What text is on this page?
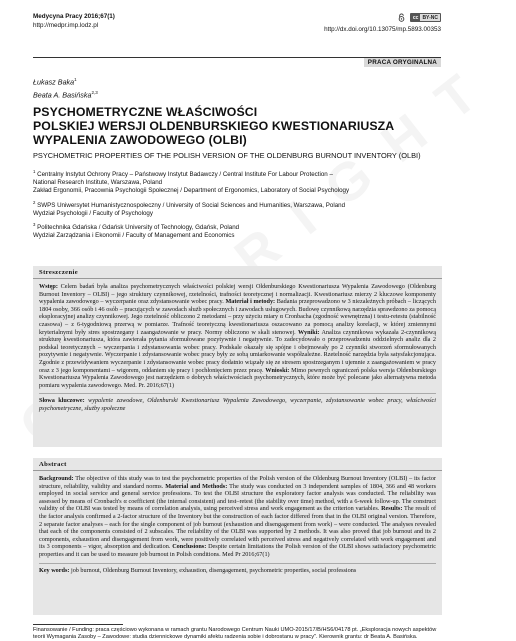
Medycyna Pracy 2016;67(1)
http://medpr.imp.lodz.pl
cc BY-NC
http://dx.doi.org/10.13075/mp.5893.00353
PRACA ORYGINALNA
Łukasz Baka$^1$
Beata A. Basińska$^{2,3}$
PSYCHOMETRYCZNE WŁAŚCIWOŚCI
POLSKIEJ WERSJI OLDENBURSKIEGO KWESTIONARIUSZA
WYPALENIA ZAWODOWEGO (OLBI)
PSYCHOMETRIC PROPERTIES OF THE POLISH VERSION OF THE OLDENBURG BURNOUT INVENTORY (OLBI)
$^1$ Centralny Instytut Ochrony Pracy – Państwowy Instytut Badawczy / Central Institute For Labour Protection –
National Research Institute, Warszawa, Poland
Zakład Ergonomii, Pracownia Psychologii Społecznej / Department of Ergonomics, Laboratory of Social Psychology
$^2$ SWPS Uniwersytet Humanistycznospołeczny / University of Social Sciences and Humanities, Warszawa, Poland
Wydział Psychologii / Faculty of Psychology
$^3$ Politechnika Gdańska / Gdańsk University of Technology, Gdańsk, Poland
Wydział Zarządzania i Ekonomii / Faculty of Management and Economics
Streszczenie

Wstęp: Celem badań była analiza psychometrycznych właściwości polskiej wersji Oldenburskiego Kwestionariusza Wypalenia Zawodowego (Oldenburg Burnout Inventory – OLBI) – jego struktury czynnikowej, rzetelności, trafności teoretycznej i normalizacji. Kwestionariusz mierzy 2 kluczowe komponenty wypalenia zawodowego – wyczerpanie oraz zdystansowanie wobec pracy. Materiał i metody: Badania przeprowadzono w 3 niezależnych próbach – liczących 1804 osoby, 366 osób i 46 osób – pracujących w zawodach służb społecznych i zawodach usługowych. Budowę czynnikową narzędzia sprawdzono za pomocą eksploracyjnej analizy czynnikowej. Jego rzetelność obliczono 2 metodami – przy użyciu miary α Cronbacha (zgodność wewnętrzna) i testu-retestu (stabilność czasowa) – z 6-tygodniową przerwą w pomiarze. Trafność teoretyczną kwestionariusza oszacowano za pomocą analizy korelacji, w której zmiennymi kryterialnymi były stres spostrzegany i zaangażowanie w pracy. Normy obliczono w skali stenowej. Wyniki: Analiza czynnikowa wykazała 2-czynnikową strukturę kwestionariusza, która zawierała pytania sformułowane pozytywnie i negatywnie. To zadecydowało o przeprowadzeniu oddzielnych analiz dla 2 podskal teoretycznych – wyczerpania i zdystansowania wobec pracy. Podskale okazały się spójne i obejmowały po 2 czynniki stworzeń sformułowanych pozytywnie i negatywnie. Wyczerpanie i zdystansowanie wobec pracy były ze sobą umiarkowanie współzależne. Rzetelność narzędzia była satysfakcjonująca. Zgodnie z przewidywaniem wyczerpanie i zdystansowanie wobec pracy dodatnio wiązały się ze stresem spostrzeganym i ujemnie z zaangażowaniem w pracy oraz z 3 jego komponentami – wigorem, oddaniem się pracy i pochłonięciem przez pracę. Wnioski: Mimo pewnych ograniczeń polska wersja Oldenburskiego Kwestionariusza Wypalenia Zawodowego jest narzędziem o dobrych właściwościach psychometrycznych, które może być polecane jako alternatywna metoda pomiaru wypalenia zawodowego. Med. Pr. 2016;67(1)

Słowa kluczowe: wypalenie zawodowe, Oldenburski Kwestionariusz Wypalenia Zawodowego, wyczerpanie, zdystansowanie wobec pracy, właściwości psychometryczne, służby społeczne
Abstract

Background: The objective of this study was to test the psychometric properties of the Polish version of the Oldenburg Burnout Inventory (OLBI) – its factor structure, reliability, validity and standard norms. Material and Methods: The study was conducted on 3 independent samples of 1804, 366 and 48 workers employed in social service and general service professions. To test the OLBI structure the exploratory factor analysis was conducted. The reliability was assessed by means of Cronbach's α coefficient (the internal consistent) and test–retest (the stability over time) method, with a 6-week follow-up. The construct validity of the OLBI was tested by means of correlation analysis, using perceived stress and work engagement as the criterion variables. Results: The result of the factor analysis confirmed a 2-factor structure of the Inventory but the construction of each factor differed from that in the OLBI original version. Therefore, 2 separate factor analyses – each for the single component of job burnout (exhaustion and disengagement from work) – were conducted. The analyses revealed that each of the components consisted of 2 subscales. The reliability of the OLBI was supported by 2 methods. It was also proved that job burnout and its 2 components, exhaustion and disengagement from work, were positively correlated with perceived stress and negatively correlated with work engagement and its 3 components – vigor, absorption and dedication. Conclusions: Despite certain limitations the Polish version of the OLBI shows satisfactory psychometric properties and it can be used to measure job burnout in Polish conditions. Med Pr 2016;67(1)

Key words: job burnout, Oldenburg Burnout Inventory, exhaustion, disengagement, psychometric properties, social professions
Finansowanie / Funding: praca częściowo wykonana w ramach grantu Narodowego Centrum Nauki UMO-2015/17/B/HS6/04178 pt. „Eksploracja nowych aspektów teorii Wymagania Zasoby – Zawodowe: studia dziennickowe dynamiki afektu radzenia sobie i dobrostanu w pracy". Kierownik grantu: dr Beata A. Basińska.
